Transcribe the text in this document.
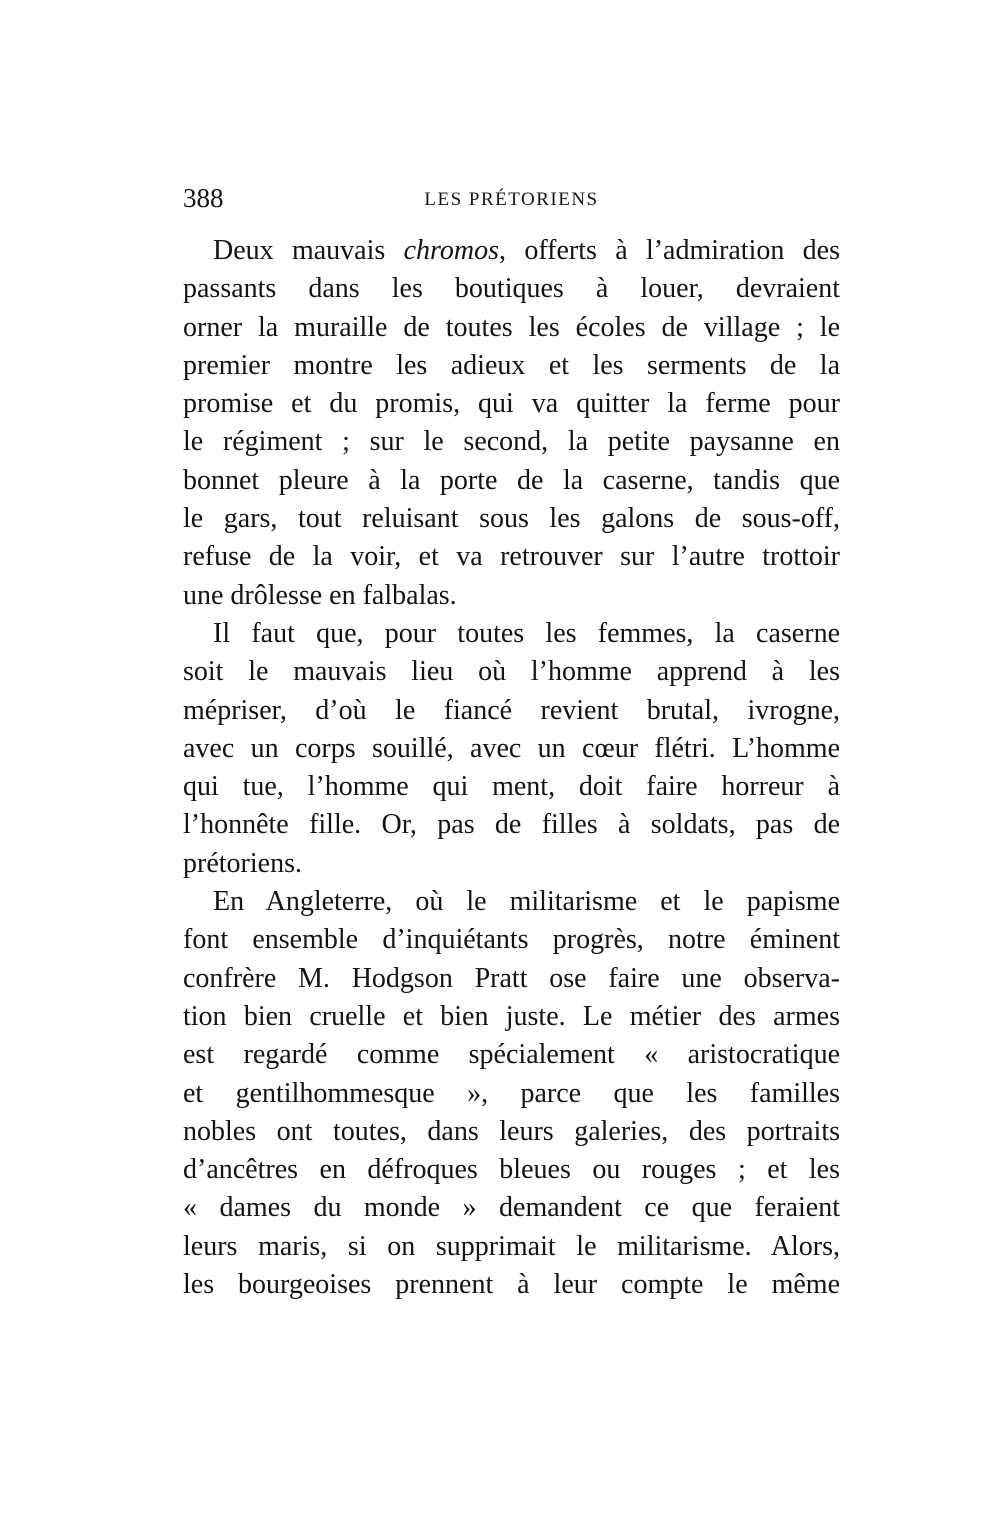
388	LES PRÉTORIENS
Deux mauvais chromos, offerts à l’admiration des
passants dans les boutiques à louer, devraient
orner la muraille de toutes les écoles de village ; le
premier montre les adieux et les serments de la
promise et du promis, qui va quitter la ferme pour
le régiment ; sur le second, la petite paysanne en
bonnet pleure à la porte de la caserne, tandis que
le gars, tout reluisant sous les galons de sous-off,
refuse de la voir, et va retrouver sur l’autre trottoir
une drôlesse en falbalas.
Il faut que, pour toutes les femmes, la caserne
soit le mauvais lieu où l’homme apprend à les
mépriser, d’où le fiancé revient brutal, ivrogne,
avec un corps souillé, avec un cœur flétri. L’homme
qui tue, l’homme qui ment, doit faire horreur à
l’honnête fille. Or, pas de filles à soldats, pas de
prétoriens.
En Angleterre, où le militarisme et le papisme
font ensemble d’inquiétants progrès, notre éminent
confrère M. Hodgson Pratt ose faire une observa-
tion bien cruelle et bien juste. Le métier des armes
est regardé comme spécialement « aristocratique
et gentilhommesque », parce que les familles
nobles ont toutes, dans leurs galeries, des portraits
d’ancêtres en défroques bleues ou rouges ; et les
« dames du monde » demandent ce que feraient
leurs maris, si on supprimait le militarisme. Alors,
les bourgeoises prennent à leur compte le même
